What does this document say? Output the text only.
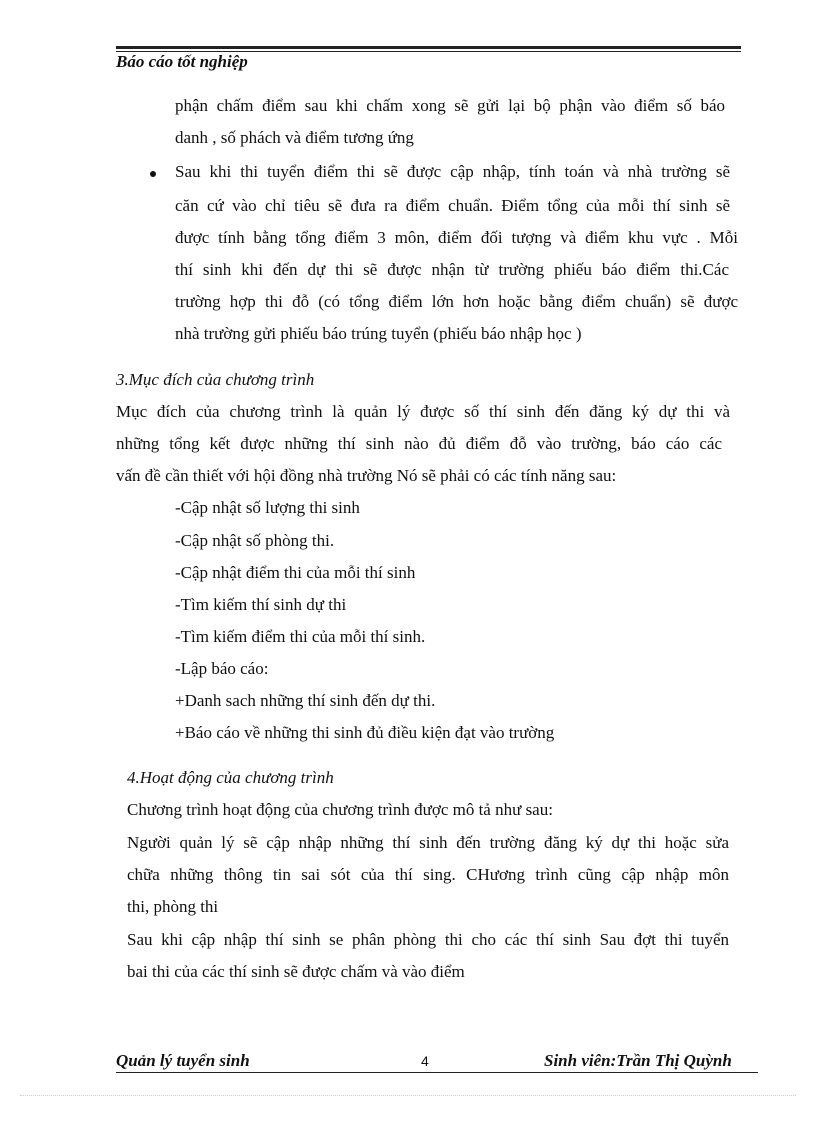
Báo cáo tốt nghiệp
phận chấm điểm sau khi chấm xong sẽ gửi lại bộ phận vào điểm số báo
danh , số phách và điểm tương ứng
Sau khi thi tuyển điểm thi sẽ được cập nhập, tính toán và nhà trường sẽ
căn cứ vào chỉ tiêu sẽ đưa ra điểm chuẩn. Điểm tổng của mỗi thí sinh sẽ
được tính bằng tổng điểm 3 môn, điểm đối tượng và điểm khu vực . Mỗi
thí sinh khi đến dự thi sẽ được nhận từ trường phiếu báo điểm thi.Các
trường hợp thi đỗ (có tổng điểm lớn hơn hoặc bằng điểm chuẩn) sẽ được
nhà trường gửi phiếu báo trúng tuyển (phiếu báo nhập học )
3.Mục đích của chương trình
Mục đích của chương trình là quản lý được số thí sinh đến đăng ký dự thi và
những tổng kết được những thí sinh nào đủ điểm đỗ vào trường, báo cáo các
vấn đề cần thiết với hội đồng nhà trường Nó sẽ phải có các tính năng sau:
-Cập nhật số lượng thi sinh
-Cập nhật số phòng thi.
-Cập nhật điểm thi của mỗi thí sinh
-Tìm kiếm thí sinh dự thi
-Tìm kiếm điểm thi của mỗi thí sinh.
-Lập báo cáo:
+Danh sach những thí sinh đến dự thi.
+Báo cáo về những thi sinh đủ điều kiện đạt vào trường
4.Hoạt động của chương trình
Chương trình hoạt động của chương trình được mô tả như sau:
Người quản lý sẽ cập nhập những thí sinh đến trường đăng ký dự thi hoặc sửa
chữa những thông tin sai sót của thí sing. CHương trình cũng cập nhập môn
thi, phòng thi
Sau khi cập nhập thí sinh se phân phòng thi cho các thí sinh Sau đợt thi tuyển
bai thi của các thí sinh sẽ được chấm và vào điểm
Quản lý tuyển sinh	4	Sinh viên:Trần Thị Quỳnh
